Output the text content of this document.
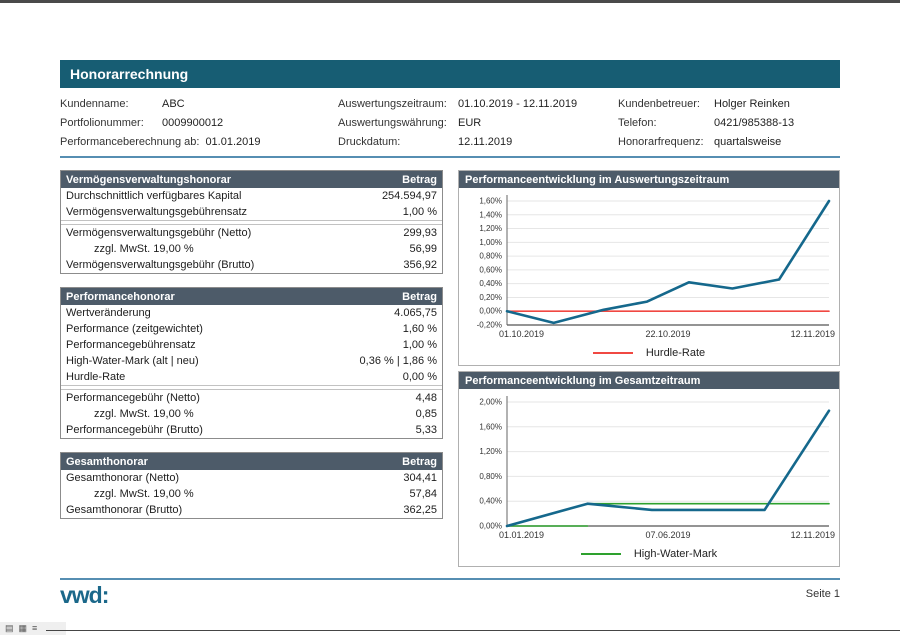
Honorarrechnung
Kundenname:	ABC
Portfolionummer:	0009900012
Performanceberechnung ab: 01.01.2019
Auswertungszeitraum:	01.10.2019 - 12.11.2019
Auswertungswährung:	EUR
Druckdatum:	12.11.2019
Kundenbetreuer:	Holger Reinken
Telefon:	0421/985388-13
Honorarfrequenz: quartalsweise
Vermögensverwaltungshonorar	Betrag
Durchschnittlich verfügbares Kapital	254.594,97
Vermögensverwaltungsgebührensatz	1,00 %
Vermögensverwaltungsgebühr (Netto)	299,93
zzgl. MwSt. 19,00 %	56,99
Vermögensverwaltungsgebühr (Brutto)	356,92
Performancehonorar	Betrag
Wertveränderung	4.065,75
Performance (zeitgewichtet)	1,60 %
Performancegebührensatz	1,00 %
High-Water-Mark (alt | neu)	0,36 % | 1,86 %
Hurdle-Rate	0,00 %
Performancegebühr (Netto)	4,48
zzgl. MwSt. 19,00 %	0,85
Performancegebühr (Brutto)	5,33
Gesamthonorar	Betrag
Gesamthonorar (Netto)	304,41
zzgl. MwSt. 19,00 %	57,84
Gesamthonorar (Brutto)	362,25
Performanceentwicklung im Auswertungszeitraum
1,60%
1,40%
1,20%
1,00%
0,80%
0,60%
0,40%
0,20%
0,00%
-0,20%
01.10.2019	22.10.2019	12.11.2019
Hurdle-Rate
Performanceentwicklung im Gesamtzeitraum
2,00%
1,60%
1,20%
0,80%
0,40%
0,00%
01.01.2019	07.06.2019	12.11.2019
High-Water-Mark
vwd:	Seite 1
▤ ▦ ≡
